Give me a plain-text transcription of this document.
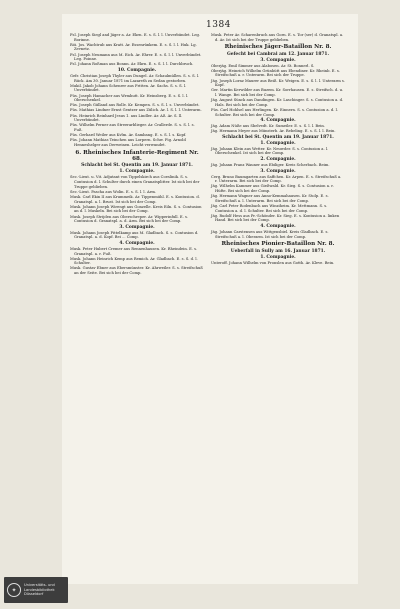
1384

Fsl. Joseph Siegl and Jäger a. Ar. Ekrn. E. s. S. l. l. Unverbündet. Leg. Borinne.

Röi. Jos. Wachtrub aus Kratt. Ar. Essenrünkem. E. s. S. l. l. Huk. Lg. Zevnetz.

Fsl. Joseph Neumann aus M. Eich. Ar. Ehrer. E. s. S. l. l. Unverbündet. Leg. Poinne.

Fsl. Johann Roßman aus Bonnn. Ar. Ekrn. E. s. S. l. l. Durchbruch.

10. Compagnie.

Gefr. Christian Joseph Thyler aus Dungel. Ar. Schaulmüllen. S. s. S. l. Rück. Am 30. Januar 1871 im Lazareth zu Sedan gestorben.

Mukil. Jakob Johann Schenrer aus Fritten. Ar. Sachs. S. s. S. l. Unverbündet.

Füs. Joseph Hamacher aus Wrmhutt. Kr. Heinsberg. E. s. S. l. l. Oberschenkel.

Füs. Joseph Gülland aus Rolle. Kr. Kempen. S. s. S. l. s. Unverbündet.

Füs. Mathias Lindner Ernst Gentzer aus Zülich. Ar. l. S. l. l. Unterarm.

Füs. Heinrich Reinhard Jesus 1. aus Lindler. Ar. Aß. Ar. S. ll. Unverbündet.

Füs. Wilhelm Perner aus Streerarblieger. Ar. Crallerde. S. s. S. l. s. Fuß.

Füs. Gerhard Weiler aus Kvlm. Ar. Sambang. E. s. S. l. s. Kopf.

Füs. Johann Mathias Teinchen aus Lorpern. Schw. Fig. Arnold Henneshelger aus Derweinen. Leicht verwundet.

6. Rheinisches Infanterie-Regiment Nr. 68.
Schlacht bei St. Quentin am 19. Januar 1871.
1. Compagnie.

Sec.-Lieut. u. Vit. Adjutant von Tippelskirch aus Coeslinik. S. s. Contusion d. l. Schulter durch einen Granatsplitter. Ist sich bei der Truppe geblieben.

Sec.-Lieut. Pascha aus Wolin. E. s. S. l. l. Arm.

Musk. Carl Ekin II aus Krummeik. Ar. Tippenmühl. E. s. Kontusion. d. Granatspl. a. l. Brust. Ist sich bei der Comp.

Musk. Johann Joseph Wirengt aus Gonzelle. Kreis Eiln. S. s. Contusion an d. l. Muskeln. Bei sich bei der Comp.

Musk. Joseph Strijden aus Oberschreper. Ar. Wipperinfull. E. s. Contusion d. Granatspl. a. d. Arm. Bei sich bei der Comp.

3. Compagnie.

Musk. Johann Joseph Pittelkamp aus M. Gladbach. S. s. Contusion d. Granatspl. a. d. Kopf. Bei ... Comp.

4. Compagnie.

Musk. Peter Hubert Cremer aus Rennenhausen. Kr. Rheindein. E. s. Granatspl. a. r. Fuß.

Musk. Johann Heinrich Kemp aus Remich. Ar. Gladbach. E. s. S. d. l. Schulter.

Musk. Gustav Ebner aus Ebersmünster. Kr. Ahrweiler. S. s. Streifschuß an der Seite. Bei sich bei der Comp.

Musk. Peter Ar. Scharenbruch aus Gorn. E. s. Tor (ser) d. Granatspl. a. d. Ar. Ist sich bei der Truppe geblieben.

Rheinisches Jäger-Bataillon Nr. 8.
Gefecht bei Cambrai am 12. Januar 1871.
3. Compagnie.

Oberjäg. Emil Simmer aus Alabosen. Ar. St. Bonnerl. S.

Oberjäg. Heinrich Wilhelm Grünhütt aus Ebendiner. Kr. Rheinb. E. s. Streifschuß a. r. Unterarm. Bei sich der Truppe.

Jäg. Joseph Lornz Maurer aus Beiß. Kr. Weigen. E. s. S. l. l. Unterarm s. Kopf.

Ger. Martin Kerwilder aus Buzem. Kr. Sorrhausen. E. s. Streifsch. d. u. l. Wange. Bei sich bei der Comp.

Jäg. August Sünck aus Dandingen. Kr. Laschinger. S. s. Contusion a. d. Hals. Bei sich bei der Comp.

Füs. Carl Hohlsel aus Herlingen. Kr. Einnern. S. s. Contusion a. d. l. Schulter. Bei sich bei der Comp.

4. Compagnie.

Jäg. Adam Nüße aus Sbelvedt. Kr. Sumeiler. E. s. S. l. l. Bein.

Jäg. Hermann Meyer aus Münsterb. Ar. Rebeling. E. s. S. l. l. Bein.

Schlacht bei St. Quentin am 19. Januar 1871.
1. Compagnie.

Jäg. Johann Klein aus Wetter. Kr. Neuwder. S. s. Contusion a. l. Oberschenkel. Ist sich bei der Comp.

2. Compagnie.

Jäg. Johann Franz Wauner aus Ebiliger. Kreis Scherbach. Beim.

3. Compagnie.

Cerg. Bruno Baumgarten aus Saffchen. Kr. Arpen. E. s. Streifschuß a. r. Unterarm. Bei sich bei der Comp.

Jäg. Wilhelm Kammer aus Gießwald. Kr. Sieg. S. s. Contusion a. r. Hüfte. Bei sich bei der Comp.

Jäg. Hermann Wagner aus Anno-Kemmahausen. Kr. Stolp. E. s. Streifschuß a. l. Unterarm. Bei sich bei der Comp.

Jäg. Carl Peter Rodenbach aus Winziheim. Kr. Mettmann. S. s. Contusion a. d. l. Schulter. Bei sich bei der Comp.

Jäg. Rudolf Hess aus Pr.-Schönder. Kr. Sieg. E. s. Kontusion a. linken Hand. Bei sich bei der Comp.

4. Compagnie.

Jäg. Johann Carstensen aus Wittgensbiel. Kreis Gladbach. E. s. Streifschuß a. l. Oberarm. Ist sich bei der Comp.

Rheinisches Pionier-Bataillon Nr. 8.
Ueberfall in Sully am 16. Januar 1871.
1. Compagnie.

Unteroff. Johann Wilhelm von Pronslen aus Gotth. Ar. Kleve. Bein.

✦
Universitäts- und
Landesbibliothek
Düsseldorf
